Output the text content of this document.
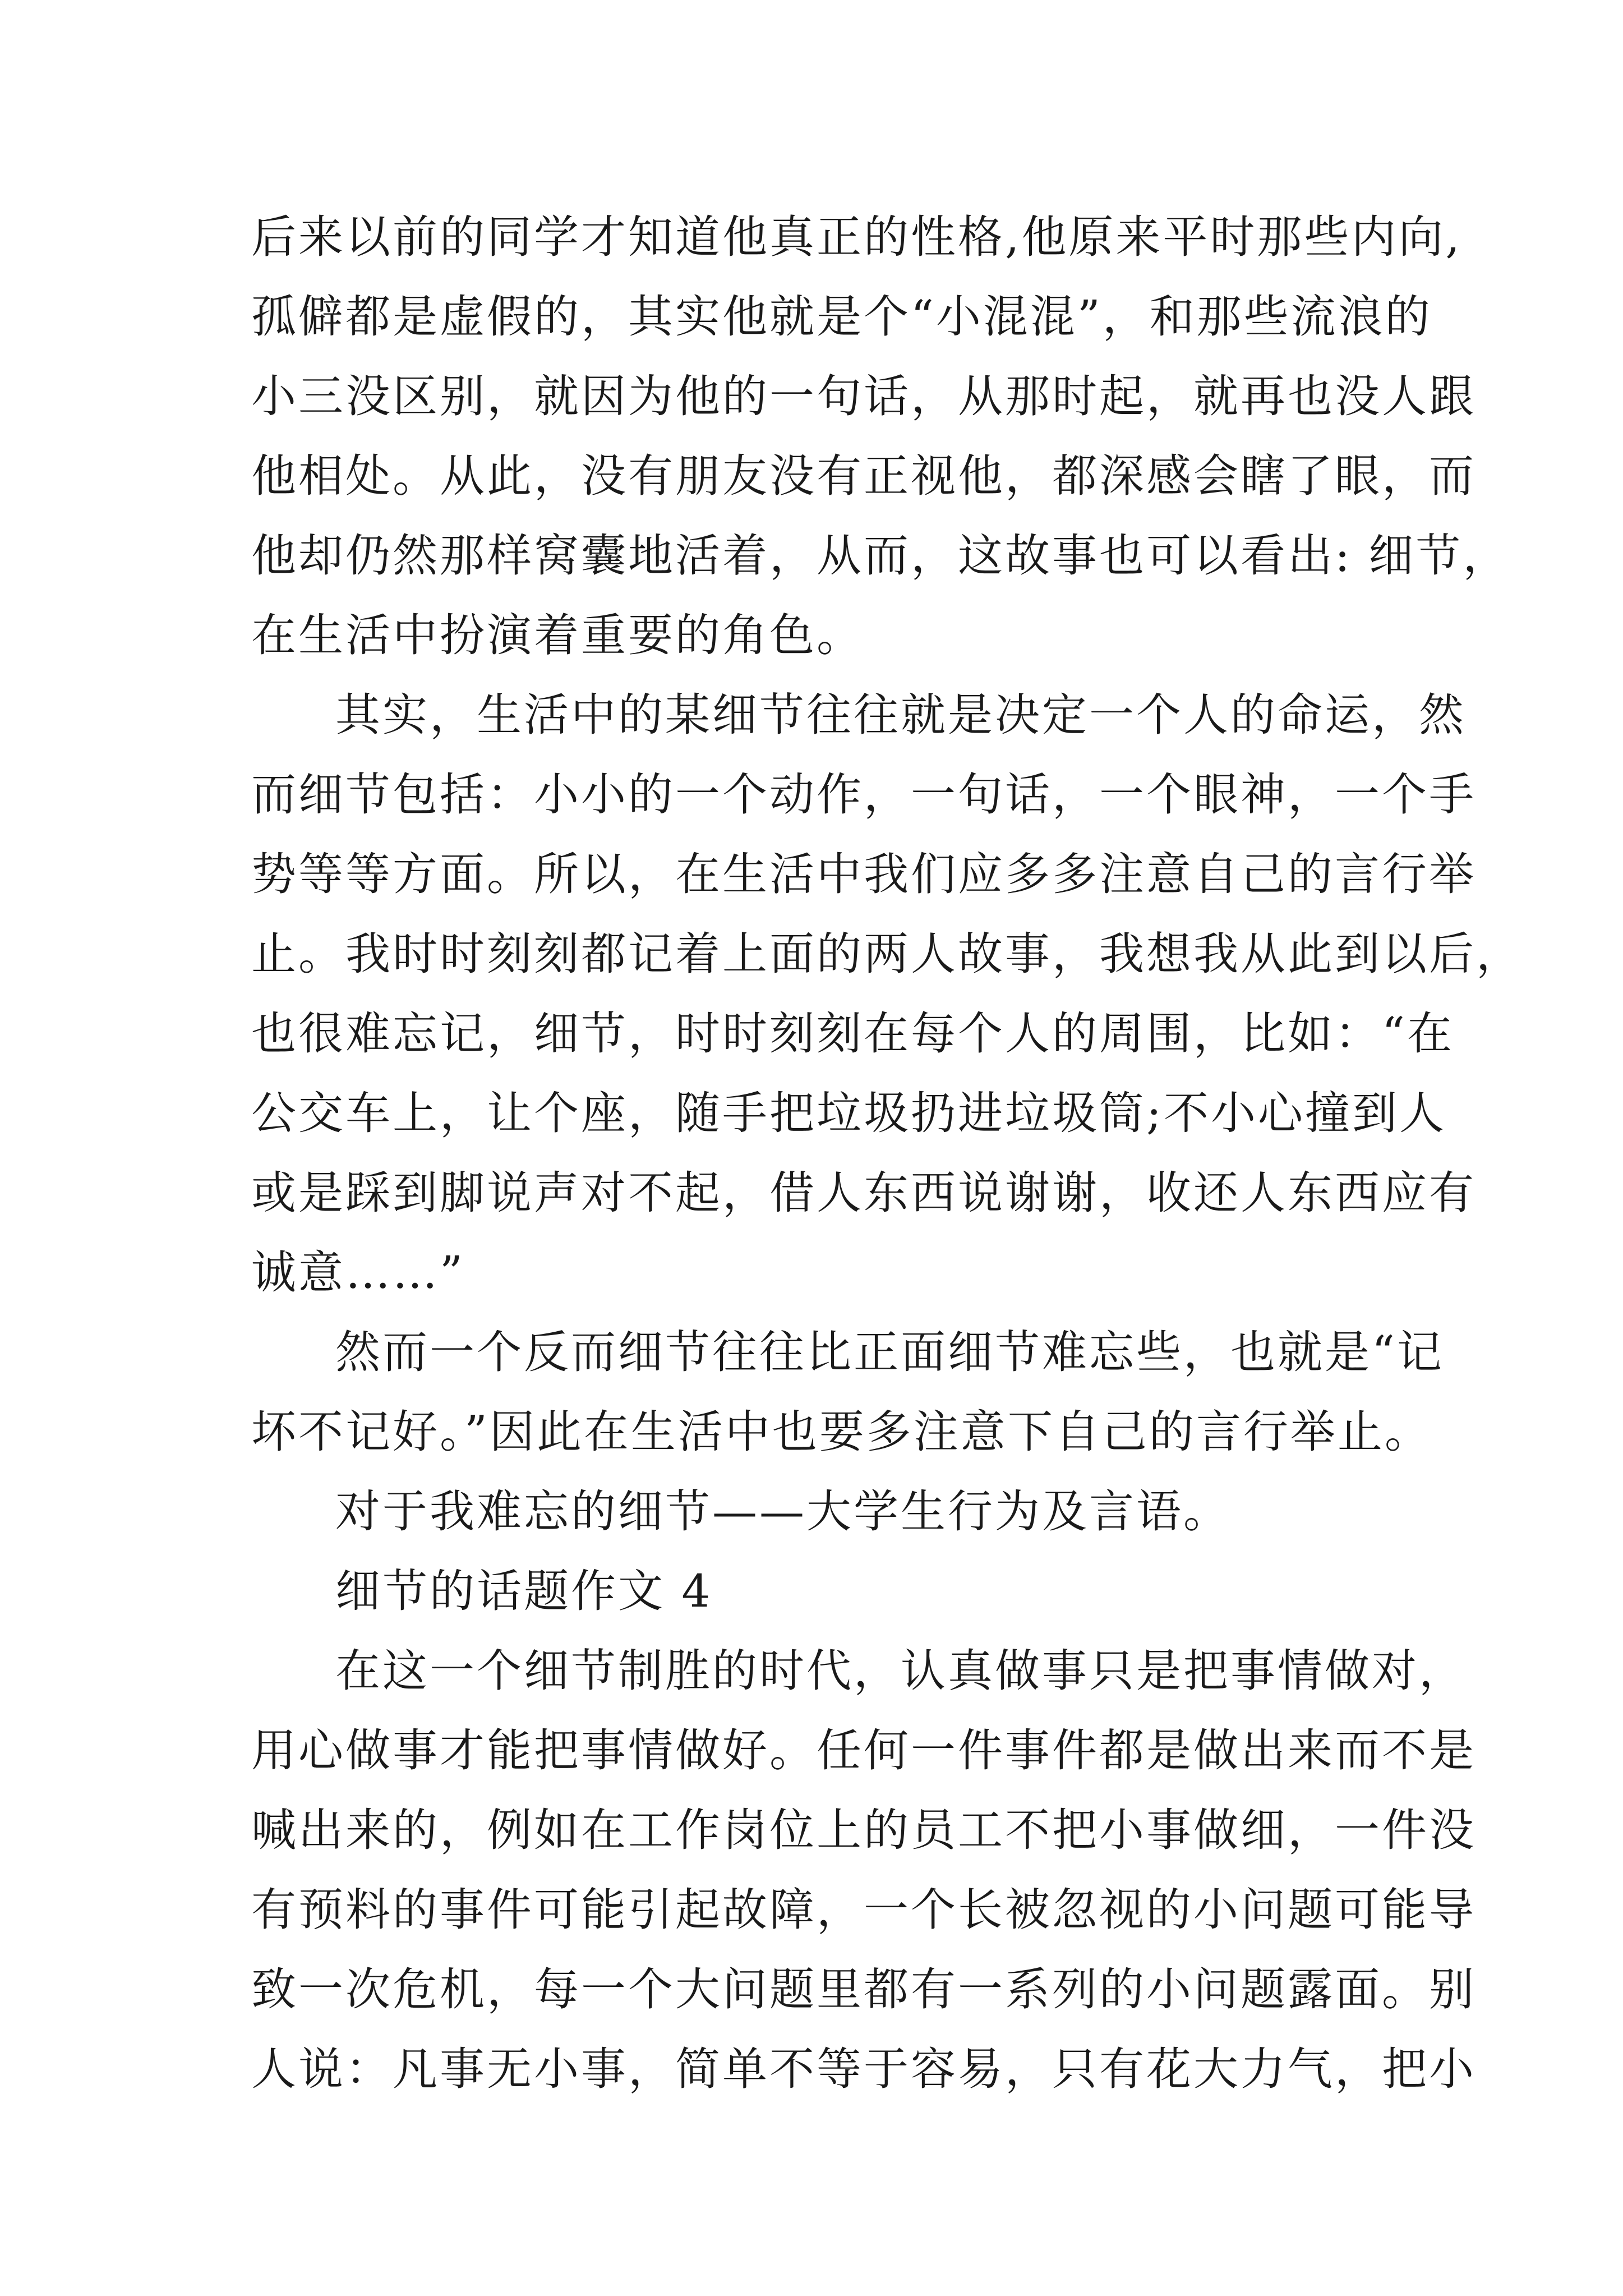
后来以前的同学才知道他真正的性格,他原来平时那些内向,
孤僻都是虚假的，其实他就是个“小混混”，和那些流浪的
小三没区别，就因为他的一句话，从那时起，就再也没人跟
他相处。从此，没有朋友没有正视他，都深感会瞎了眼，而
他却仍然那样窝囊地活着，从而，这故事也可以看出: 细节，
在生活中扮演着重要的角色。
其实，生活中的某细节往往就是决定一个人的命运，然
而细节包括：小小的一个动作，一句话，一个眼神，一个手
势等等方面。所以，在生活中我们应多多注意自己的言行举
止。我时时刻刻都记着上面的两人故事，我想我从此到以后，
也很难忘记，细节，时时刻刻在每个人的周围，比如：“在
公交车上，让个座，随手把垃圾扔进垃圾筒;不小心撞到人
或是踩到脚说声对不起，借人东西说谢谢，收还人东西应有
诚意……”
然而一个反而细节往往比正面细节难忘些，也就是“记
坏不记好。”因此在生活中也要多注意下自己的言行举止。
对于我难忘的细节——大学生行为及言语。
细节的话题作文 4
在这一个细节制胜的时代，认真做事只是把事情做对，
用心做事才能把事情做好。任何一件事件都是做出来而不是
喊出来的，例如在工作岗位上的员工不把小事做细，一件没
有预料的事件可能引起故障，一个长被忽视的小问题可能导
致一次危机，每一个大问题里都有一系列的小问题露面。别
人说：凡事无小事，简单不等于容易，只有花大力气，把小
